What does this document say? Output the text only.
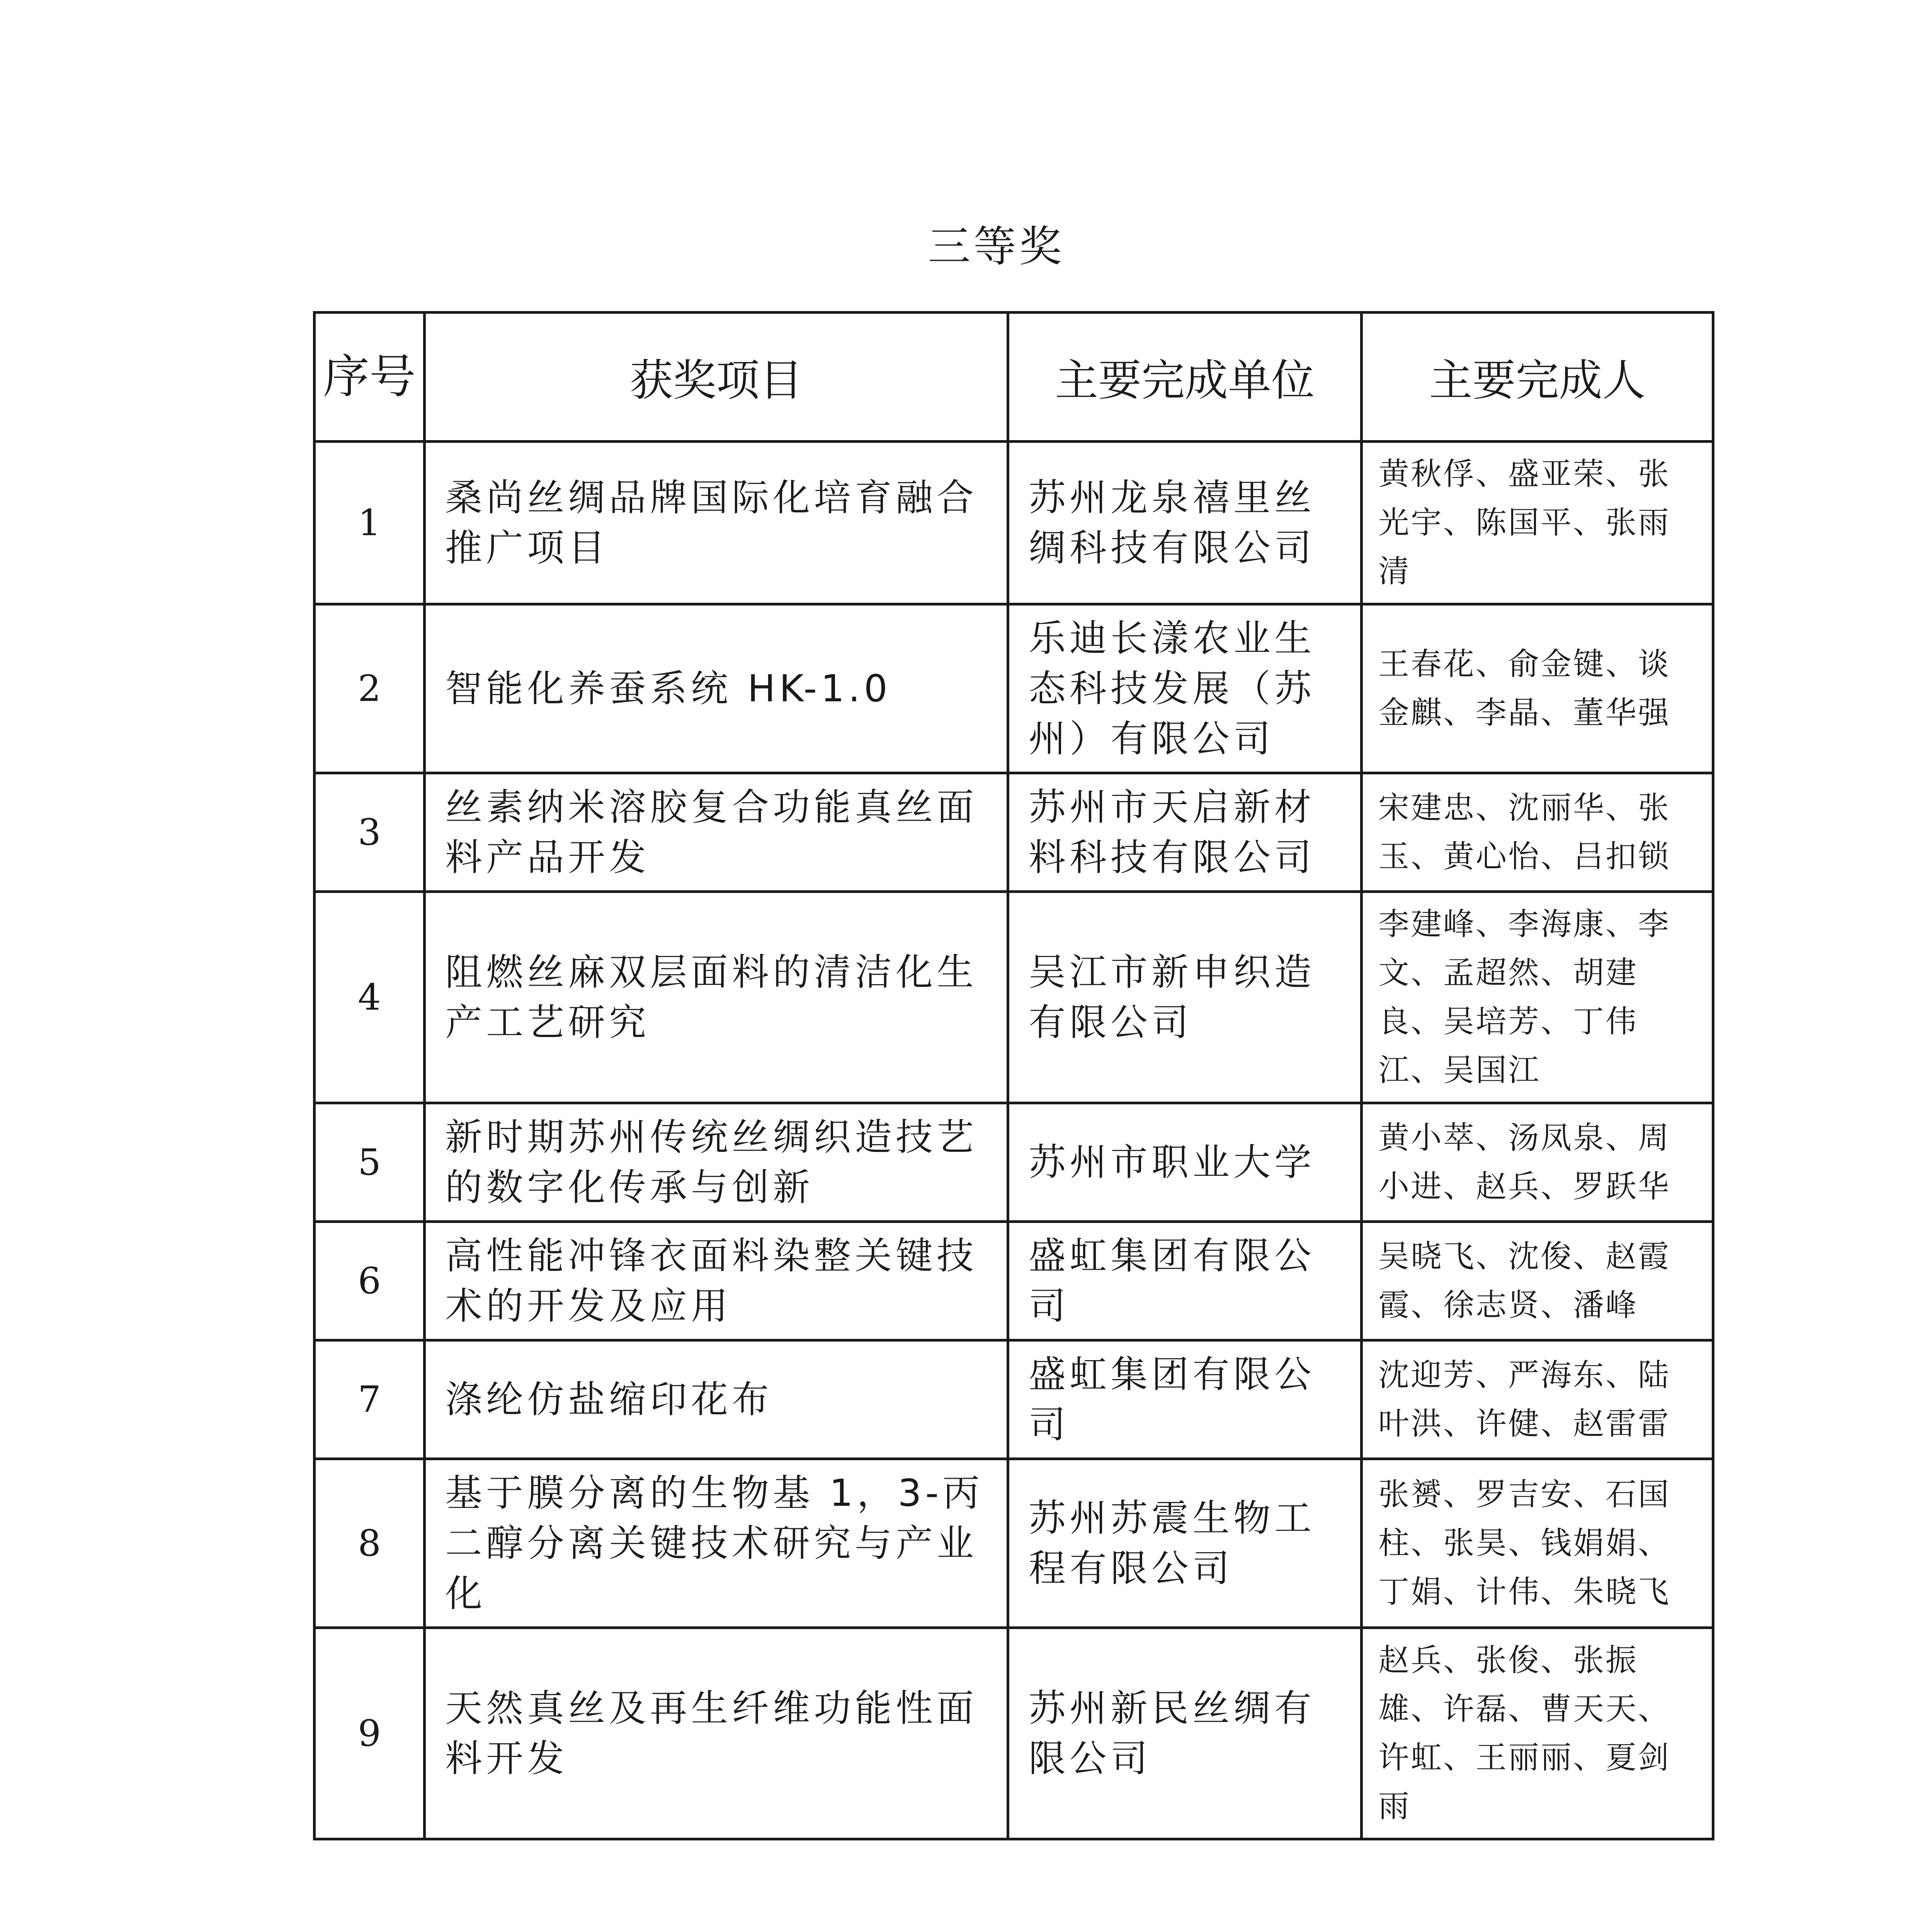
三等奖
序号	获奖项目	主要完成单位	主要完成人
1	桑尚丝绸品牌国际化培育融合推广项目	苏州龙泉禧里丝绸科技有限公司	黄秋俘、盛亚荣、张光宇、陈国平、张雨清
2	智能化养蚕系统 HK-1.0	乐迪长漾农业生态科技发展（苏州）有限公司	王春花、俞金键、谈金麒、李晶、董华强
3	丝素纳米溶胶复合功能真丝面料产品开发	苏州市天启新材料科技有限公司	宋建忠、沈丽华、张玉、黄心怡、吕扣锁
4	阻燃丝麻双层面料的清洁化生产工艺研究	吴江市新申织造有限公司	李建峰、李海康、李文、孟超然、胡建良、吴培芳、丁伟江、吴国江
5	新时期苏州传统丝绸织造技艺的数字化传承与创新	苏州市职业大学	黄小萃、汤凤泉、周小进、赵兵、罗跃华
6	高性能冲锋衣面料染整关键技术的开发及应用	盛虹集团有限公司	吴晓飞、沈俊、赵霞霞、徐志贤、潘峰
7	涤纶仿盐缩印花布	盛虹集团有限公司	沈迎芳、严海东、陆叶洪、许健、赵雷雷
8	基于膜分离的生物基 1，3-丙二醇分离关键技术研究与产业化	苏州苏震生物工程有限公司	张赟、罗吉安、石国柱、张昊、钱娟娟、丁娟、计伟、朱晓飞
9	天然真丝及再生纤维功能性面料开发	苏州新民丝绸有限公司	赵兵、张俊、张振雄、许磊、曹天天、许虹、王丽丽、夏剑雨
